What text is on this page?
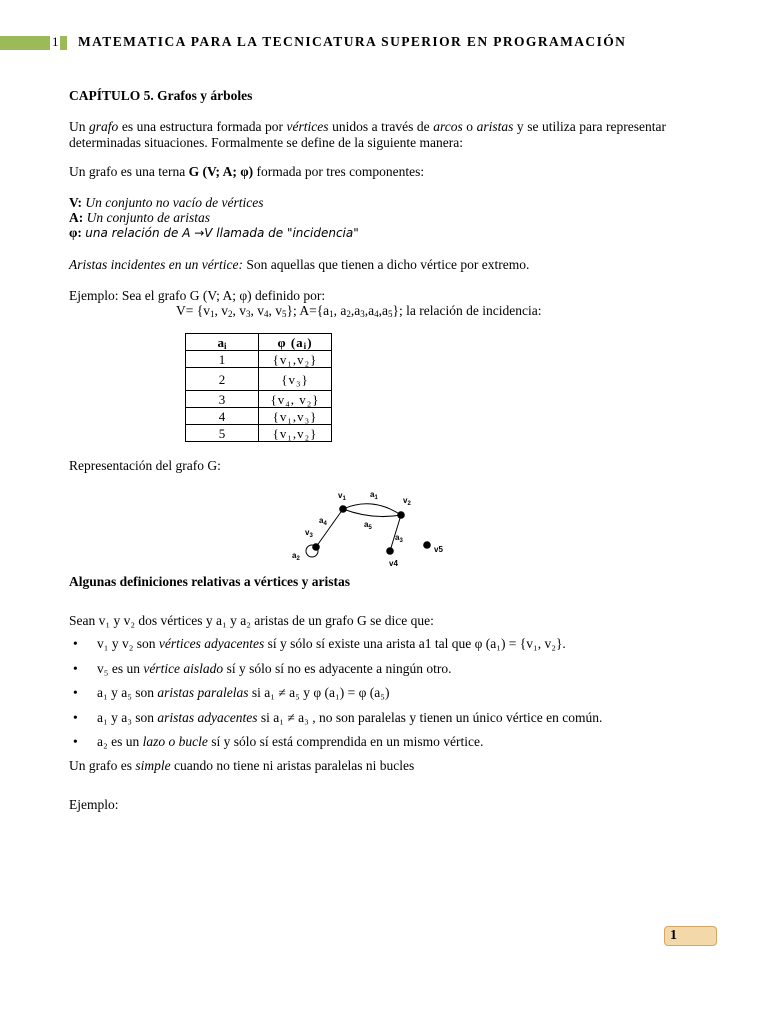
1 MATEMATICA PARA LA TECNICATURA SUPERIOR EN PROGRAMACIÓN
CAPÍTULO 5. Grafos y árboles
Un grafo es una estructura formada por vértices unidos a través de arcos o aristas y se utiliza para representar determinadas situaciones. Formalmente se define de la siguiente manera:
Un grafo es una terna G (V; A; φ) formada por tres componentes:
V: Un conjunto no vacío de vértices
A: Un conjunto de aristas
φ: una relación de A →V llamada de "incidencia"
Aristas incidentes en un vértice: Son aquellas que tienen a dicho vértice por extremo.
Ejemplo: Sea el grafo G (V; A; φ) definido por:
$V= \{v_1$, $v_2$, $v_3$, $v_4$, $v_5$}; $A=\{a_1$, $a_2,a_3,a_4,a_5$}; la relación de incidencia:
$a_i$	φ $(a_i)$
1	{v₁,v₂}
2	{v₃}
3	{v₄, v₂}
4	{v₁,v₃}
5	{v₁,v₂}
Representación del grafo G:
$v_1$	$a_1$	$v_2$
$a_4$	$a_5$
$v_3$	$a_3$
$a_2$	v4
v5
Algunas definiciones relativas a vértices y aristas
Sean v₁ y v₂ dos vértices y a₁ y a₂ aristas de un grafo G se dice que:
• v₁ y v₂ son vértices adyacentes sí y sólo sí existe una arista a1 tal que φ (a₁) = {v₁, v₂}.
• v₅ es un vértice aislado sí y sólo sí no es adyacente a ningún otro.
• a₁ y a₅ son aristas paralelas si a₁ ≠ a₅ y φ (a₁) = φ (a₅)
• a₁ y a₃ son aristas adyacentes si a₁ ≠ a₃ , no son paralelas y tienen un único vértice en común.
• a₂ es un lazo o bucle sí y sólo sí está comprendida en un mismo vértice.
Un grafo es simple cuando no tiene ni aristas paralelas ni bucles
Ejemplo:
1
